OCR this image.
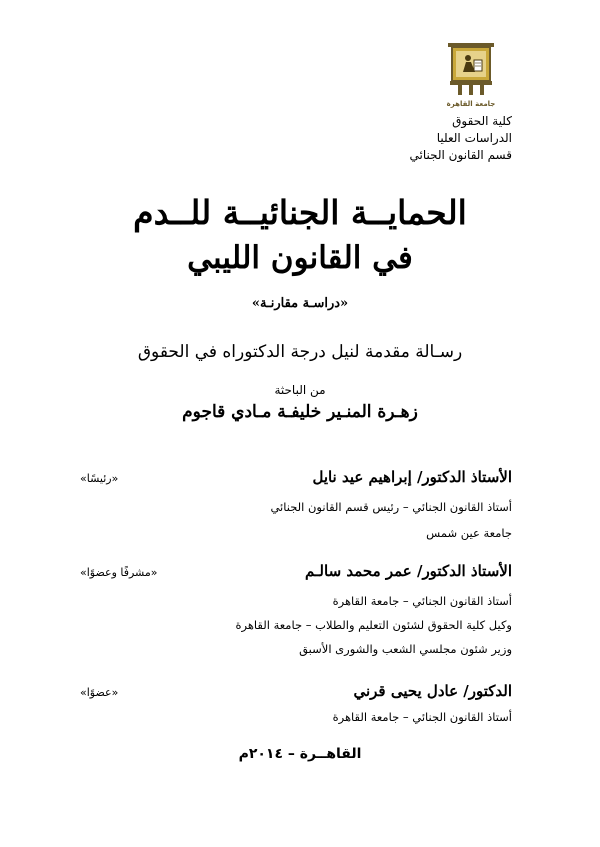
جامعة القاهرة
كلية الحقوق
الدراسات العليا
قسم القانون الجنائي
الحمايــة الجنائيــة للــدم
في القانون الليبي
«دراسـة مقارنـة»
رسـالة مقدمة لنيل درجة الدكتوراه في الحقوق
من الباحثة
زهـرة المنـير خليفـة مـادي قاجوم
الأستاذ الدكتور/ إبراهيم عيد نايل
«رئيسًا»
أستاذ القانون الجنائي – رئيس قسم القانون الجنائي
جامعة عين شمس
الأستاذ الدكتور/ عمر محمد سالـم
«مشرفًا وعضوًا»
أستاذ القانون الجنائي – جامعة القاهرة
وكيل كلية الحقوق لشئون التعليم والطلاب – جامعة القاهرة
وزير شئون مجلسي الشعب والشورى الأسبق
الدكتور/ عادل يحيى قرني
«عضوًا»
أستاذ القانون الجنائي – جامعة القاهرة
القاهــرة – ٢٠١٤م
